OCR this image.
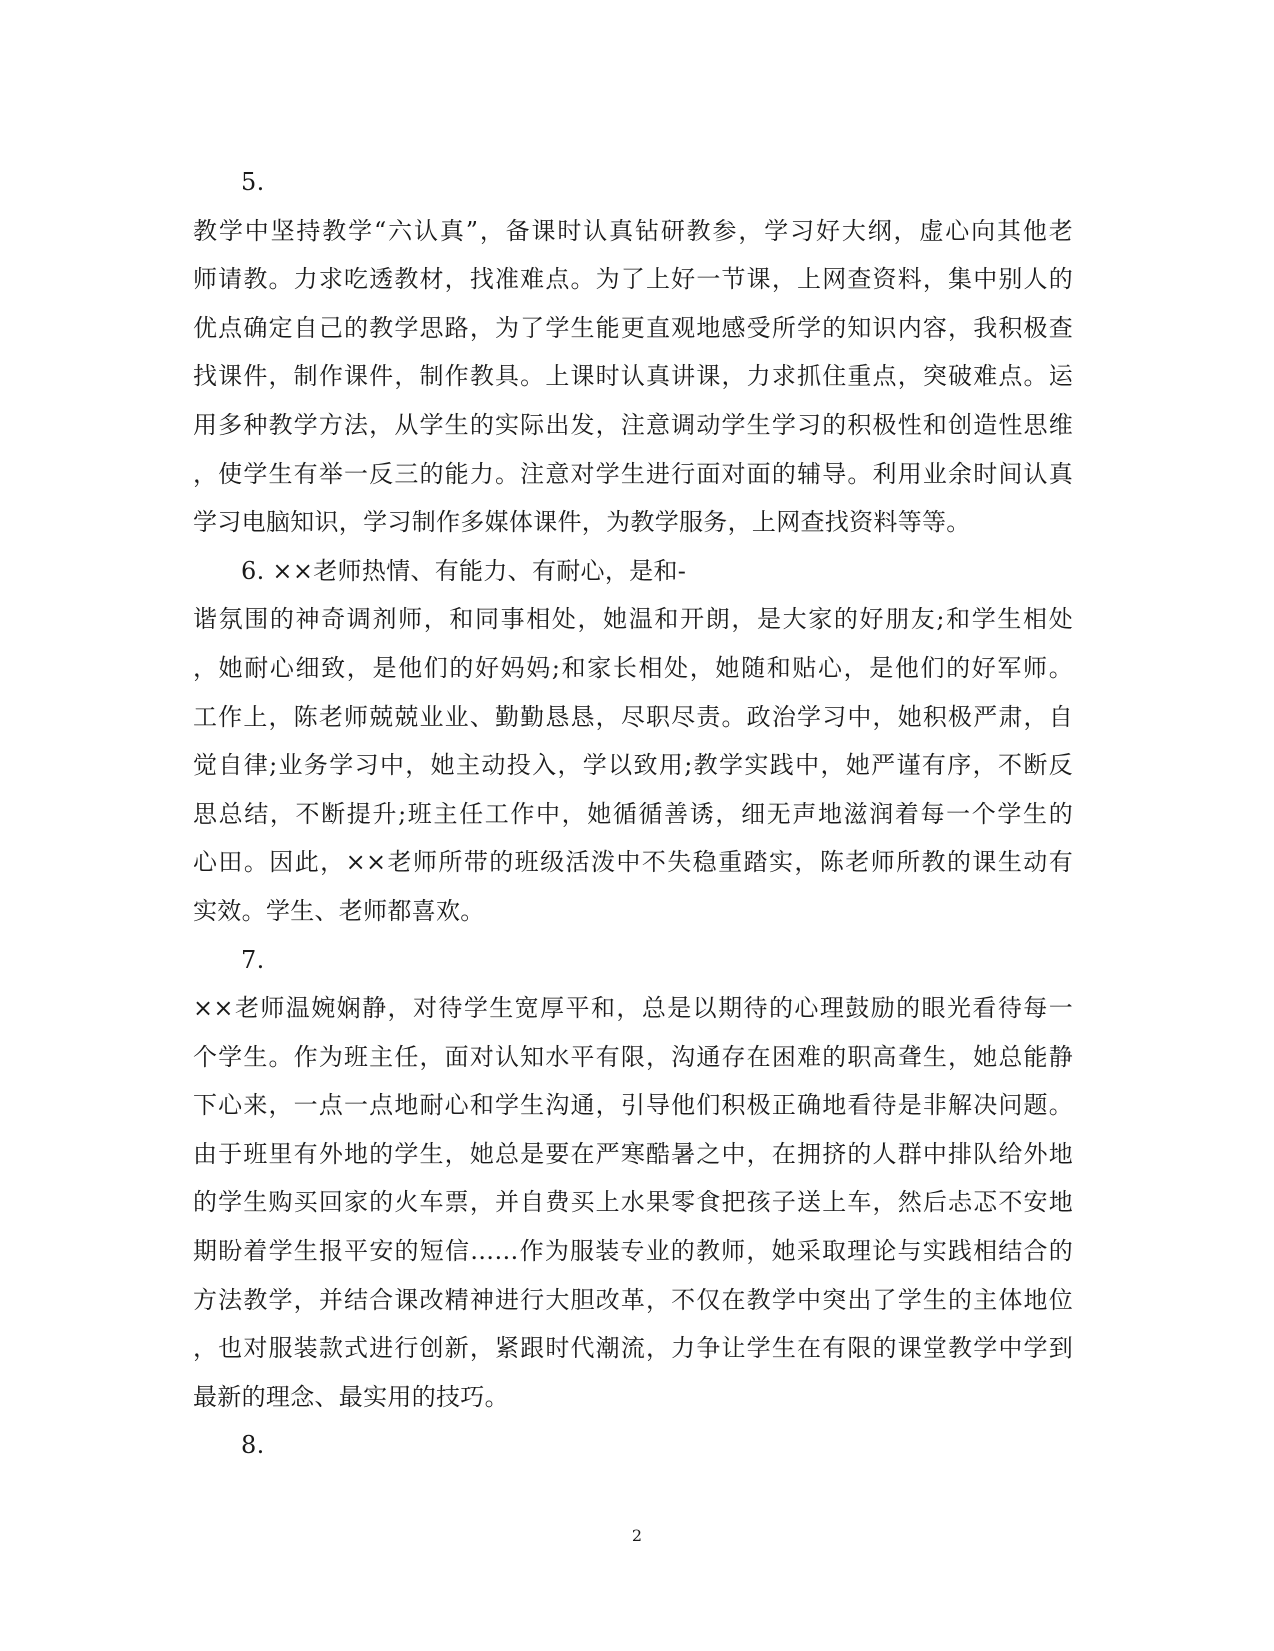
5.
教学中坚持教学“六认真”，备课时认真钻研教参，学习好大纲，虚心向其他老
师请教。力求吃透教材，找准难点。为了上好一节课，上网查资料，集中别人的
优点确定自己的教学思路，为了学生能更直观地感受所学的知识内容，我积极查
找课件，制作课件，制作教具。上课时认真讲课，力求抓住重点，突破难点。运
用多种教学方法，从学生的实际出发，注意调动学生学习的积极性和创造性思维
，使学生有举一反三的能力。注意对学生进行面对面的辅导。利用业余时间认真
学习电脑知识，学习制作多媒体课件，为教学服务，上网查找资料等等。
6. ××老师热情、有能力、有耐心，是和-
谐氛围的神奇调剂师，和同事相处，她温和开朗，是大家的好朋友;和学生相处
，她耐心细致，是他们的好妈妈;和家长相处，她随和贴心，是他们的好军师。
工作上，陈老师兢兢业业、勤勤恳恳，尽职尽责。政治学习中，她积极严肃，自
觉自律;业务学习中，她主动投入，学以致用;教学实践中，她严谨有序，不断反
思总结，不断提升;班主任工作中，她循循善诱，细无声地滋润着每一个学生的
心田。因此，××老师所带的班级活泼中不失稳重踏实，陈老师所教的课生动有
实效。学生、老师都喜欢。
7.
××老师温婉娴静，对待学生宽厚平和，总是以期待的心理鼓励的眼光看待每一
个学生。作为班主任，面对认知水平有限，沟通存在困难的职高聋生，她总能静
下心来，一点一点地耐心和学生沟通，引导他们积极正确地看待是非解决问题。
由于班里有外地的学生，她总是要在严寒酷暑之中，在拥挤的人群中排队给外地
的学生购买回家的火车票，并自费买上水果零食把孩子送上车，然后忐忑不安地
期盼着学生报平安的短信……作为服装专业的教师，她采取理论与实践相结合的
方法教学，并结合课改精神进行大胆改革，不仅在教学中突出了学生的主体地位
，也对服装款式进行创新，紧跟时代潮流，力争让学生在有限的课堂教学中学到
最新的理念、最实用的技巧。
8.
2
